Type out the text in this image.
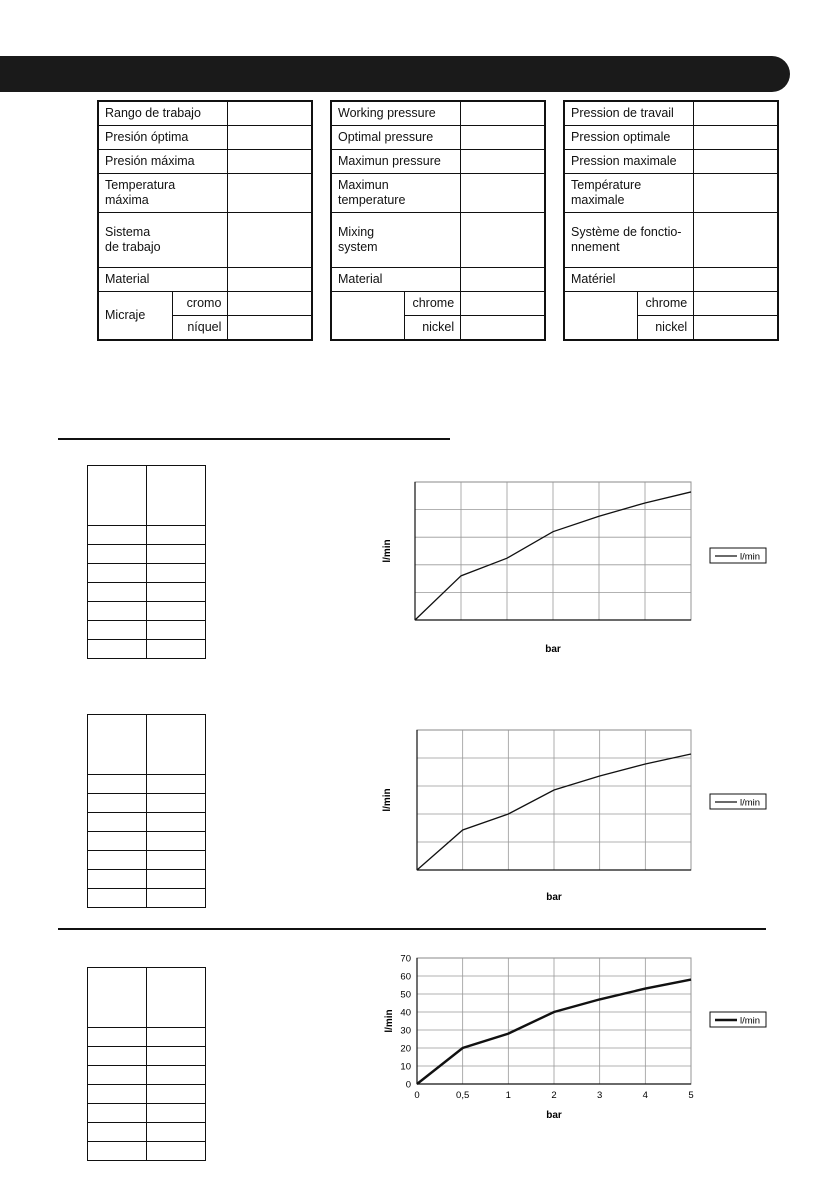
Rango de trabajo		
Presión óptima		
Presión máxima		
Temperatura
máxima		
Sistema
de trabajo		
Material		
Micraje	cromo	
	níquel	
Working pressure		
Optimal pressure		
Maximun pressure		
Maximun
temperature		
Mixing
system		
Material		
	chrome	
	nickel	
Pression de travail		
Pression optimale		
Pression maximale		
Température
maximale		
Système de fonctio-
nnement		
Matériel		
	chrome	
	nickel	

bar
l/min	l/min
bar
l/min	l/min
0	0,5	1	2	3	4	5
0
10
20
30
40
50
60
70
bar
l/min	l/min
